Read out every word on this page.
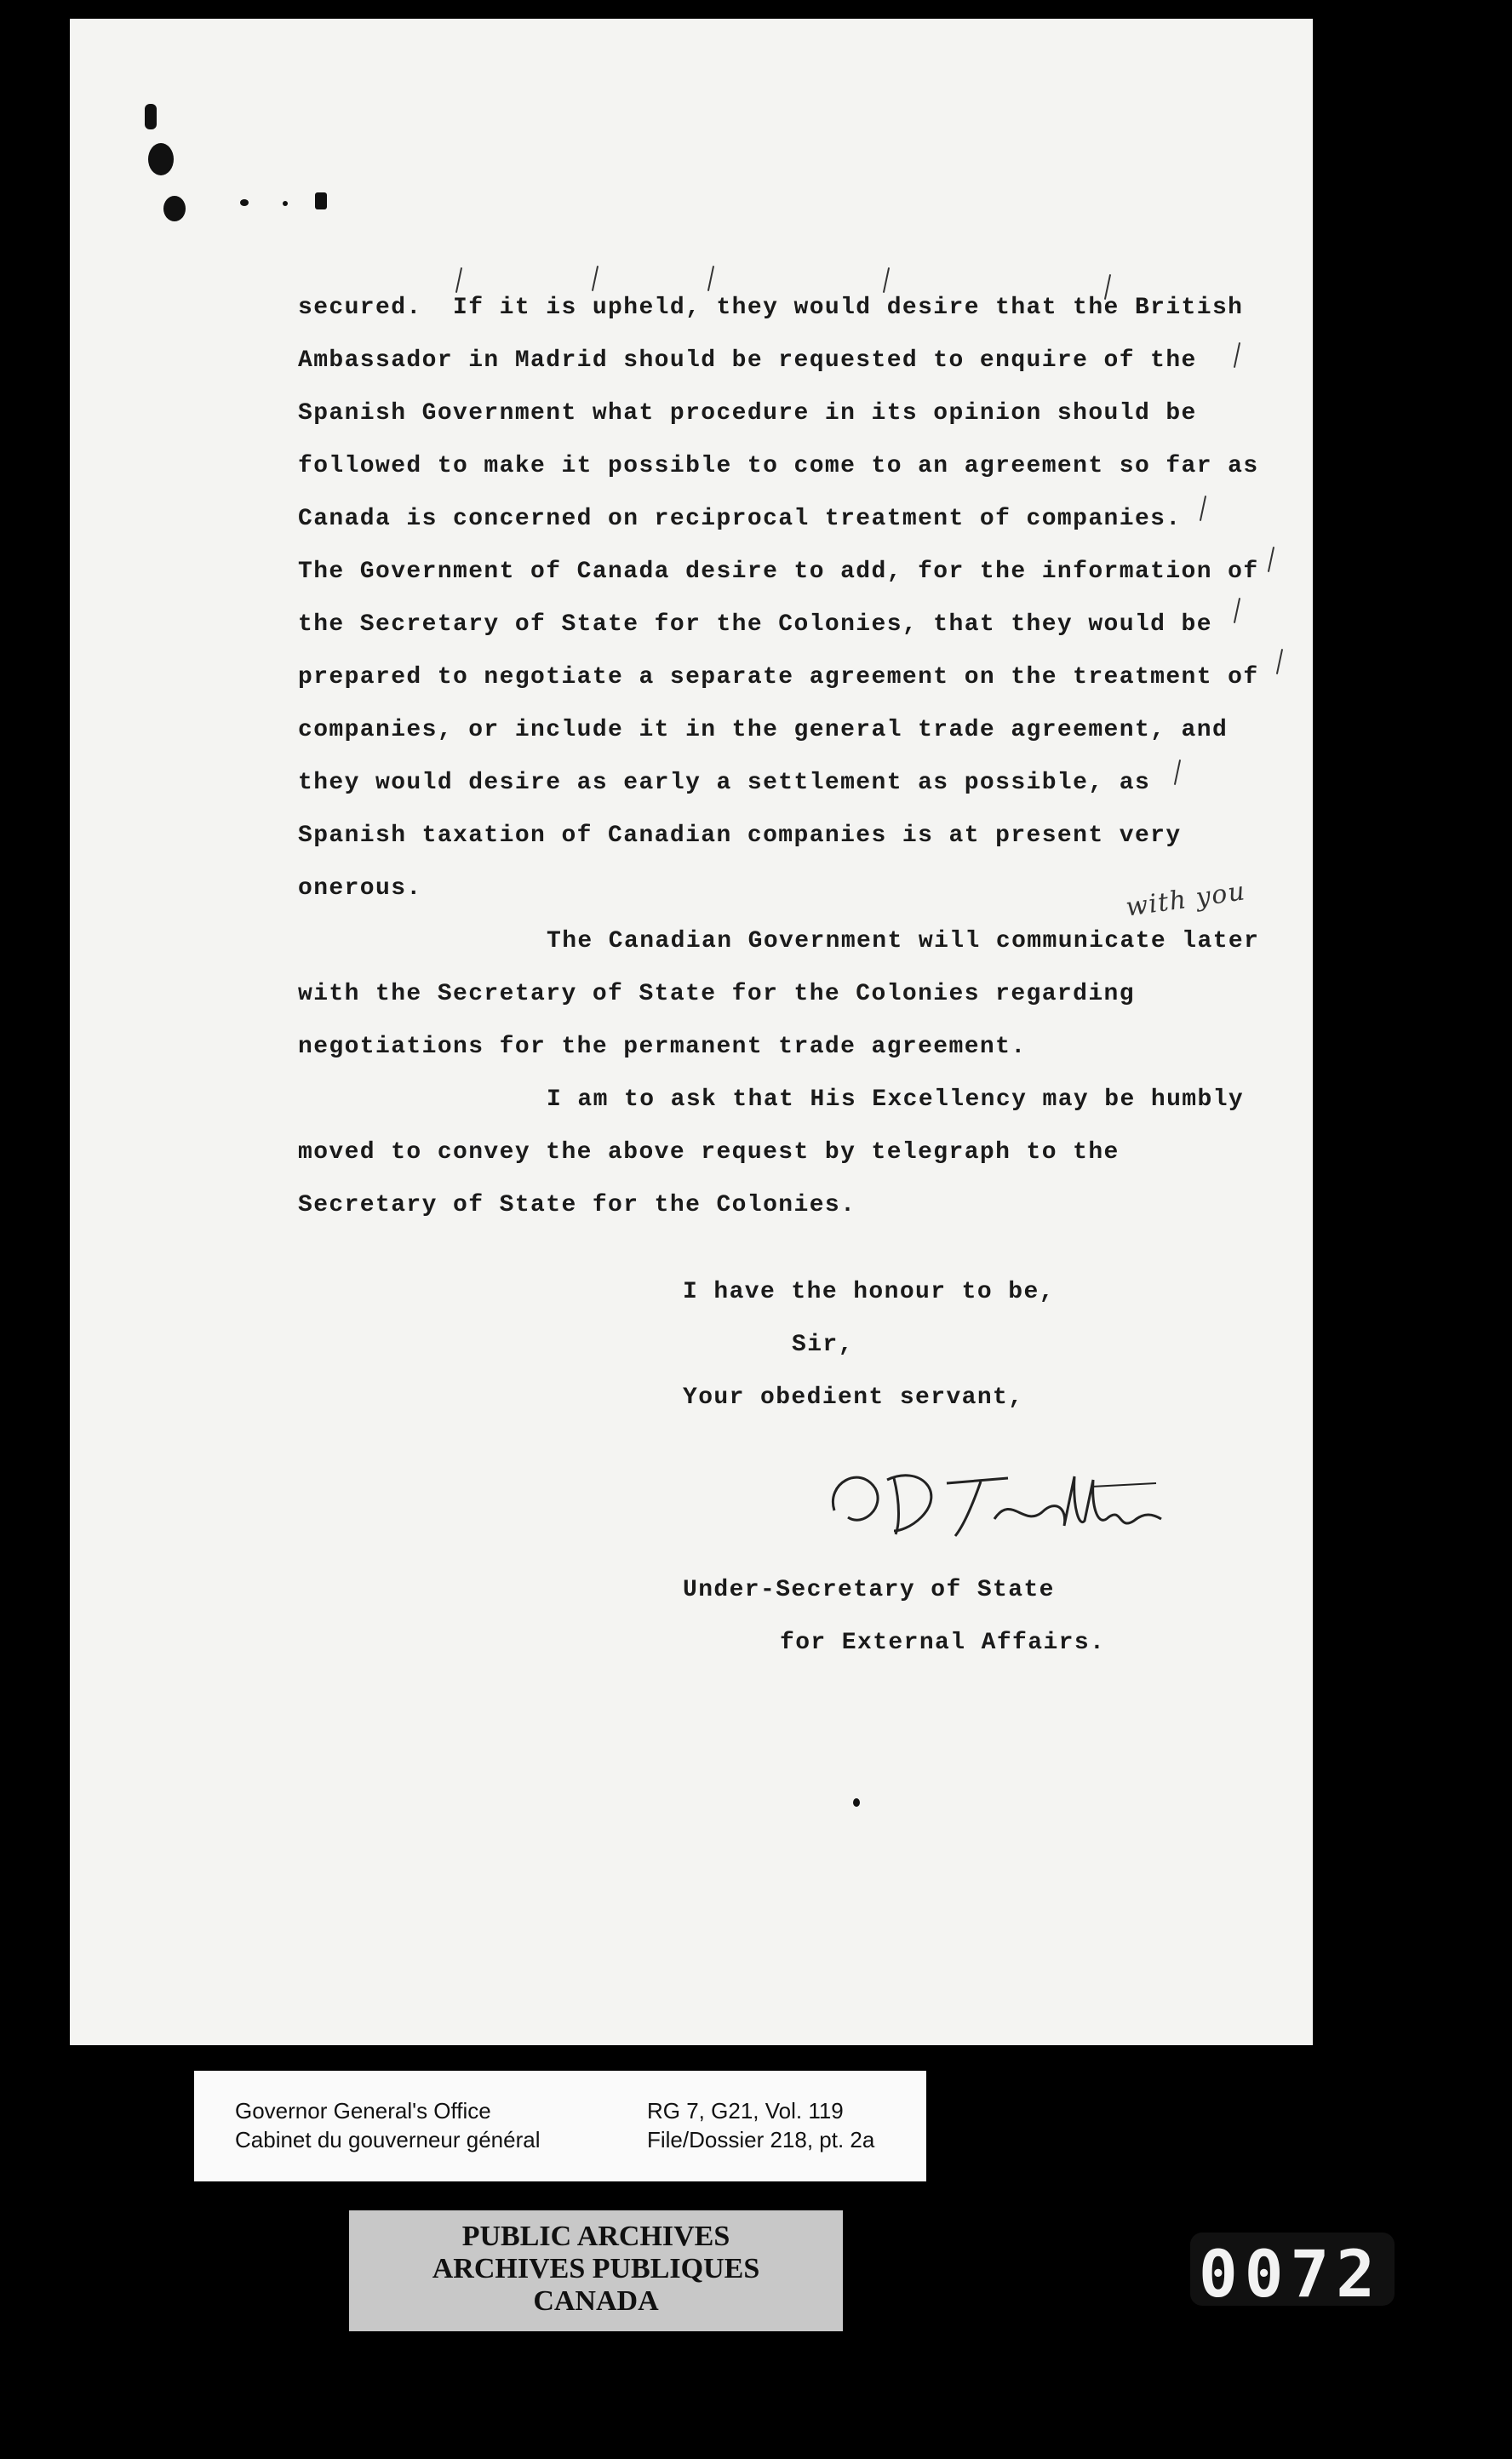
secured.  If it is upheld, they would desire that the British
Ambassador in Madrid should be requested to enquire of the
Spanish Government what procedure in its opinion should be
followed to make it possible to come to an agreement so far as
Canada is concerned on reciprocal treatment of companies.
The Government of Canada desire to add, for the information of
the Secretary of State for the Colonies, that they would be
prepared to negotiate a separate agreement on the treatment of
companies, or include it in the general trade agreement, and
they would desire as early a settlement as possible, as
Spanish taxation of Canadian companies is at present very
onerous.	with you
The Canadian Government will communicate later
with the Secretary of State for the Colonies regarding
negotiations for the permanent trade agreement.
I am to ask that His Excellency may be humbly
moved to convey the above request by telegraph to the
Secretary of State for the Colonies.
I have the honour to be,
Sir,
Your obedient servant,
Under-Secretary of State
for External Affairs.
Governor General's Office
Cabinet du gouverneur général
RG 7, G21, Vol. 119
File/Dossier 218, pt. 2a
PUBLIC ARCHIVES
ARCHIVES PUBLIQUES
CANADA	0072
